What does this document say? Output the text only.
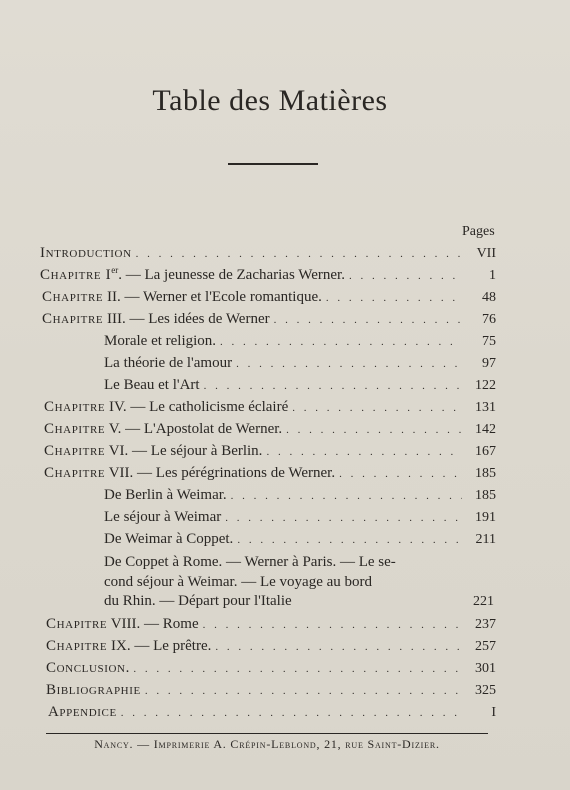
Table des Matières
Pages
Introduction . . .	VII
Chapitre Ier. — La jeunesse de Zacharias Werner. . . .	1
Chapitre II. — Werner et l'Ecole romantique. . . .	48
Chapitre III. — Les idées de Werner . . .	76
Morale et religion. . . .	75
La théorie de l'amour . . .	97
Le Beau et l'Art . . .	122
Chapitre IV. — Le catholicisme éclairé . . .	131
Chapitre V. — L'Apostolat de Werner. . . .	142
Chapitre VI. — Le séjour à Berlin. . . .	167
Chapitre VII. — Les pérégrinations de Werner. . . .	185
De Berlin à Weimar. . . .	185
Le séjour à Weimar . . .	191
De Weimar à Coppet. . . .	211
De Coppet à Rome. — Werner à Paris. — Le se-
cond séjour à Weimar. — Le voyage au bord
du Rhin. — Départ pour l'Italie	221
Chapitre VIII. — Rome . . .	237
Chapitre IX. — Le prêtre. . . .	257
Conclusion. . . .	301
Bibliographie . . .	325
Appendice . . .	I
Nancy. — Imprimerie A. Crépin-Leblond, 21, rue Saint-Dizier.
